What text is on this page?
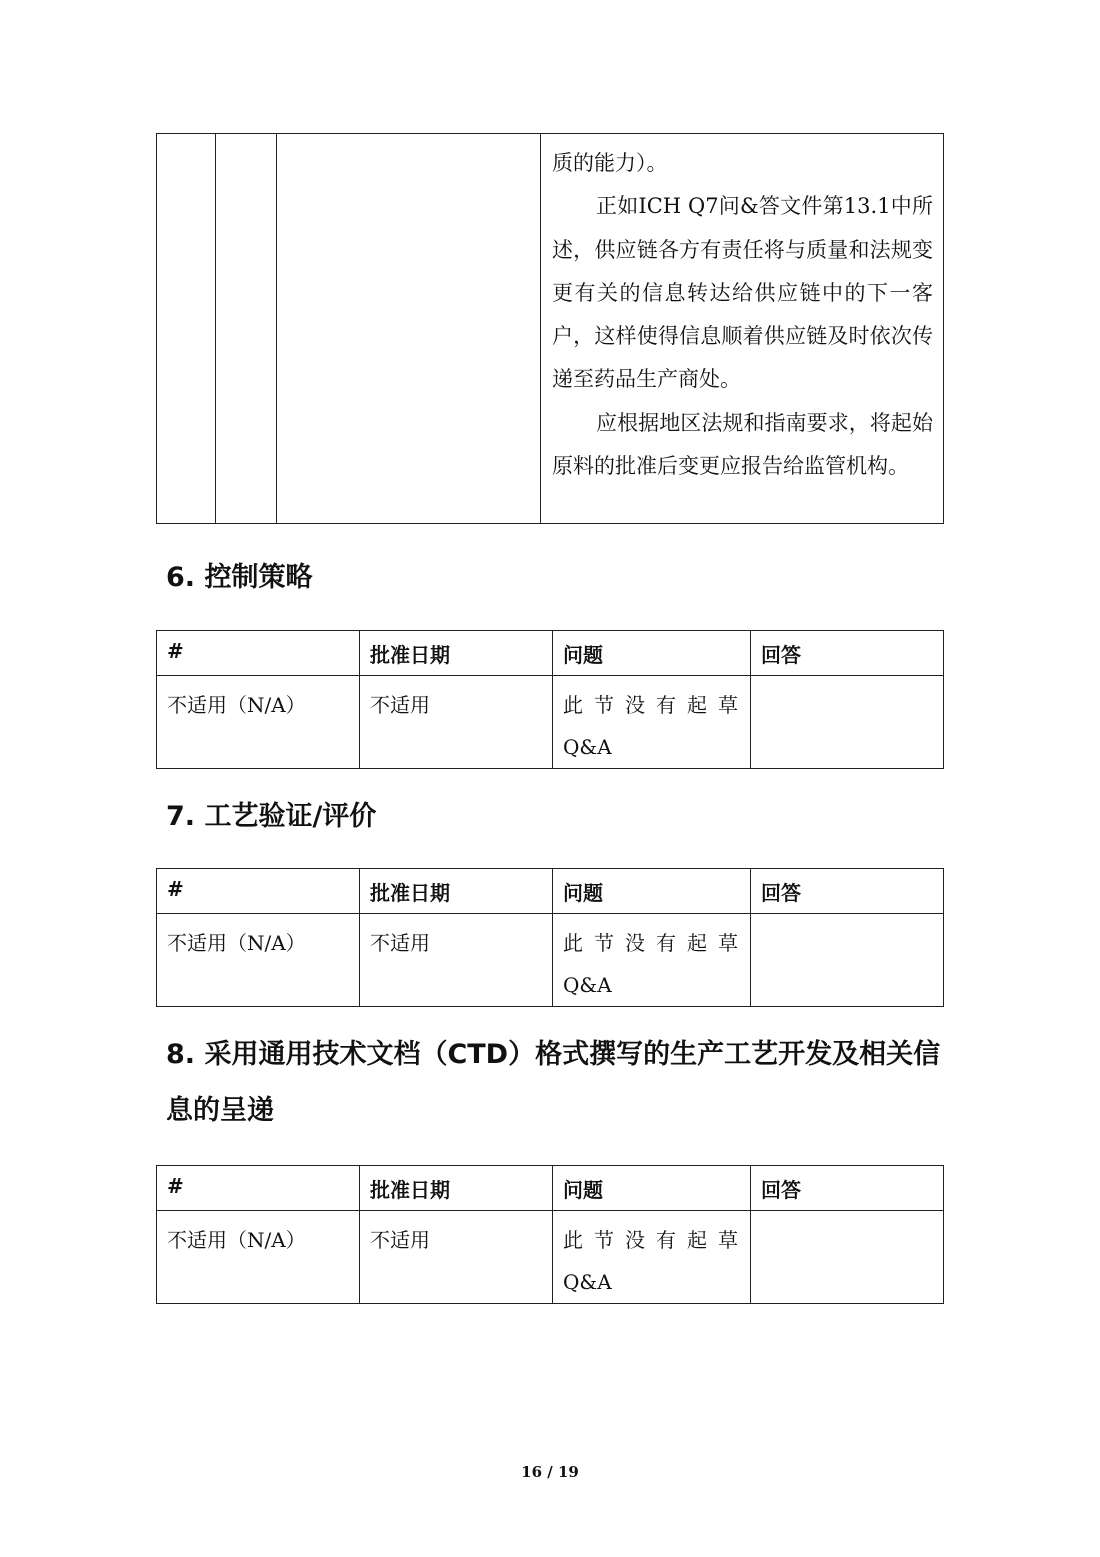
质的能力）。

正如ICH Q7问&答文件第13.1中所述，供应链各方有责任将与质量和法规变更有关的信息转达给供应链中的下一客户，这样使得信息顺着供应链及时依次传递至药品生产商处。

应根据地区法规和指南要求，将起始原料的批准后变更应报告给监管机构。

6. 控制策略
#	批准日期	问题	回答
不适用（N/A）	不适用	此节没有起草
Q&A	
7. 工艺验证/评价
#	批准日期	问题	回答
不适用（N/A）	不适用	此节没有起草
Q&A	
8. 采用通用技术文档（CTD）格式撰写的生产工艺开发及相关信息的呈递
#	批准日期	问题	回答
不适用（N/A）	不适用	此节没有起草
Q&A	
16 / 19
